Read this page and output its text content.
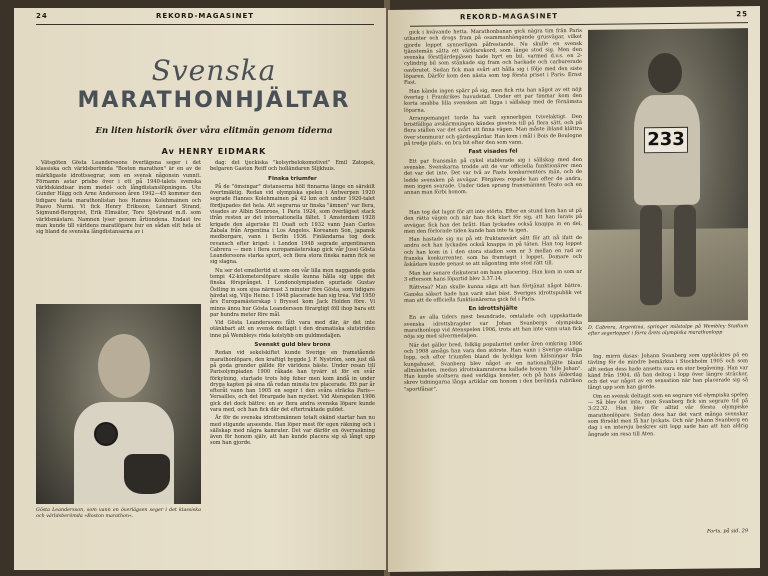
24	REKORD-MAGASINET
Svenska
MARATHONHJÄLTAR
En liten historik över våra elitmän genom tiderna
Av HENRY EIDMARK

Vätsgöten Gösta Leanderssons överlägsna seger i det klassiska och världsberömda "Boston marathon" är en av de märkligaste idrottssegrar, som en svensk någonsin vunnit. Förnamn astar prisbo över i ett på 1940-talets svenska världskändisar inom medel- och långdistanslöpningen. Ute Gunder Hägg och Arne Andersson åren 1942—45 kommer den tidigare fasta marathonlistan hos Hannes Kolehmainen och Paavo Nurmi. Vi fick Henry Eriksson, Lennart Strand, Sigmund-Bergqvist, Erik Elmsäter, Tore Sjöstrand m.fl. som världsmästare. Namnen lyser genom årtiondena. Endast tre man kunde till världens maratlöpare hur en sådan elit hela ut sig bland de svenska långdistansarna av i

Gösta Leandersson, som vann en överlägsen seger i det klassiska och världsberömda »Boston marathon«.

dag: det tjeckiska "kolsyrbelokomotivet" Emil Zatopek, belgaren Gaston Reiff och holländaren Slijkhuis.

Finska triumfer

På de "ömsingar" distanserna höll finnarna länge en särskilt övertmäktig. Redan vid olympiska spelen i Antwerpen 1920 segrade Hannes Kolehmainen på 42 km och under 1920-talet fördjupades det hela. Att segrarna ur finska "ämnen" var flera, visades av Albin Stenroos, 1 Paris 1924, som överlägset stack ifrån resten av det internationella fältet. 1 Amsterdam 1928 krigade den algeriske El Ouafi och 1932 vann Juan Carlos Zabala från Argentina i Los Angeles. Koreanen Son, japansk medborgare, vann i Berlin 1936. Finländarna tog dock revansch efter kriget: i London 1948 segrade argentinaren Cabrera — men i flera europamästerskap gick vår Jussi Gösta Leanderssons starka spurt, och flera stora finska namn fick se sig slagna.

Nu ser det emellertid ut som om vår lilla mon naggande goda tempi 42-kilometerslöpare skulle kunna hålla sig uppe det finska försprånget. I Londonolympiaden spurtade Gustav Östling in som sjua närmast 3 minuter före Gösta, som tidigare hävdat sig, Viljo Heino. I 1948 placerade han sig trea. Vid 1950 års Europamästerskap i Bryssel kom Jack Holden före. Vi minns ännu hur Gösta Leandersson förargligt föll ihop bara ett par hundra meter före mål.

Vid Gösta Leanderssons fått vara med där, är det inte otänkbart att en svensk deltagit i den dramatiska slutstriden inne på Wembleys röda kolstybb om guldmedaljen.

Svenskt guld blev brons

Redan vid sekelskiftet kunde Sverige en framstående marathonlöpare, den kraftigt byggde J. F. Nyström, som just då på goda grunder gällde för världens bäste. Under resan till Parisolympiaden 1900 råkade han tyvärr ut för en svår förkylning, startade trots hög feber men kom ändå in under dryga kapten på sina då redan minsta tre placerade. Ett par år efteråt vann han 1905 en seger i den svåra sträcka Paris—Versailles, och det förargade han mycket. Vid Atenspelen 1906 gick det dock bättre: en av flera andra svenska löpare kunde vara med, och han fick där det eftertraktade guldet.

Är för de svenska idrottsmännen totalt okänd startar han nu med stigande anseende. Han löper mest för egen räkning och i sällskap med några kamrater. Det var därför en överraskning även för honom själv, att han kunde placera sig så långt upp som han gjorde.

REKORD-MAGASINET	25

gick i kvävande hetta. Marathonbanan gick några tim från Paris utkanter och drogs fram på osammanhängande grusvägar, vilket gjorde loppet synnerligen påfrestande. Nu skulle en svensk tjänstemän sätta ett världsrekord, som länge stod sig. Men den svenska förstfjärdepjäsen hade hyrt en bil, varmed d.v.s. en 2-cylindrig bil som stänkade sig fram och hackade och carburerade oavbrutet. Sedan fick man svårt att hålla sig i följe med den siste löparen. Därför kom den nästa som tog första priset i Paris: Ernst Fast.

Han kände ingen spärr på sig, men fick rita han något av ett nöjt övertag i Frankrikes huvudstad. Under ett par timmar kom den korta snabba lilla svensken att ligga i sällskap med de förnämsta löparna.

Arrangemanget torde ha varit synnerligen tvivelaktigt. Den bristfälliga avskärmningen kändes givetvis till på flera sätt, och på flera ställen var det svårt att finna vägen. Man måste ibland klättra över stenmurar och gärdesgårdar. Han kom i mål i Bois de Boulogne på tredje plats, en bra bit efter den som vann.

Fast visades fel

Ett par fransmän på cykel stablerade sig i sällskap med den svenske. Svenskarna trodde att de var officiella funktionärer men det var det inte. Det var två av Fasts konkurrenters män, och de ledde svensken på avvägar. Förgäves ropade han efter de andra, men ingen svarade. Under tiden sprang fransmännen Teato och en annan man förbi honom.

Han tog det lugnt för att inte störta. Efter en stund kom han ut på den rätta vägen och när han fick klart för sig, att han lurats på avvägar, fick han det brått. Han lyckades också knappa in en del, men den förlorade tiden kunde han inte ta igen.

Han hastade sig nu på ett fruktansvärt sätt för att nå ifatt de andra och han lyckades också knappa in på täten. Han tog loppet och han kom in i den stora stadion som nr 3 mellan en rad av franska konkurrenter, som ha framtagit i loppet. Domare och åskådare kunde genast se att någonting inte stod rätt till.

Man har senare diskuterat om hans placering. Han kom in som nr 3 eftersom hans löpartid blev 3.37.14.

Rättvisa? Man skulle kunna säga att han förtjänat något bättre. Ganska säkert hade han varit näst bäst. Sveriges idrottspublik vet man att de officiella funktionärerna gick fel i Paris.

En idrottshjälte

En av alla tiders mest beundrade, omtalade och uppskattade svenska idrottsbragder var Johan Svanbergs olympiska marathonlopp vid Atenspelen 1906, trots att han inte vann utan fick nöja sig med silvermedaljen.

När det gäller bred, folklig popularitet under åren omkring 1906 och 1908 ansågs han vara den störste. Han vann i Sverige otaliga lopp, och efter triumfen bland de lyckliga kom hälsningar från kungahuset. Svanberg blev något av en nationalhjälte bland allmänheten, medan idrottskamraterna kallade honom "lille Johan". Han kunde stoltsera med verkliga konster, och på hans ålderdag skrev tidningarna långa artiklar om honom i den berömda rubriken "sportfånar".

233
D. Cabrera, Argentina, springer milstolpe på Wembley Stadium efter segerloppet i förra årets olympiska marathonlopp

Ing. mirrn dasas: Johann Svanberg som upptäcktes på en tävling för de mindre bemärkta i Stockholm 1905 och som allt sedan dess hade ansetts vara en stor begåvning. Han var känd från 1904, då han deltog i lopp över längre sträckor, och det var något av en sensation när han placerade sig så långt upp som han gjorde.

Om en svensk deltagit som en segrare vid olympiska spelen — Så blev det inte, men Svanberg fick sin segrare tid på 3:22.32. Han blev för alltid vår första olympiske marathonlöpare. Sedan dess har det varit många svenskar som försökt men få har lyckats. Och när Johann Svanberg en dag i en intervju beskrev sitt lopp sade han att han aldrig ångrade sin resa till Aten.

Forts. på sid. 29
